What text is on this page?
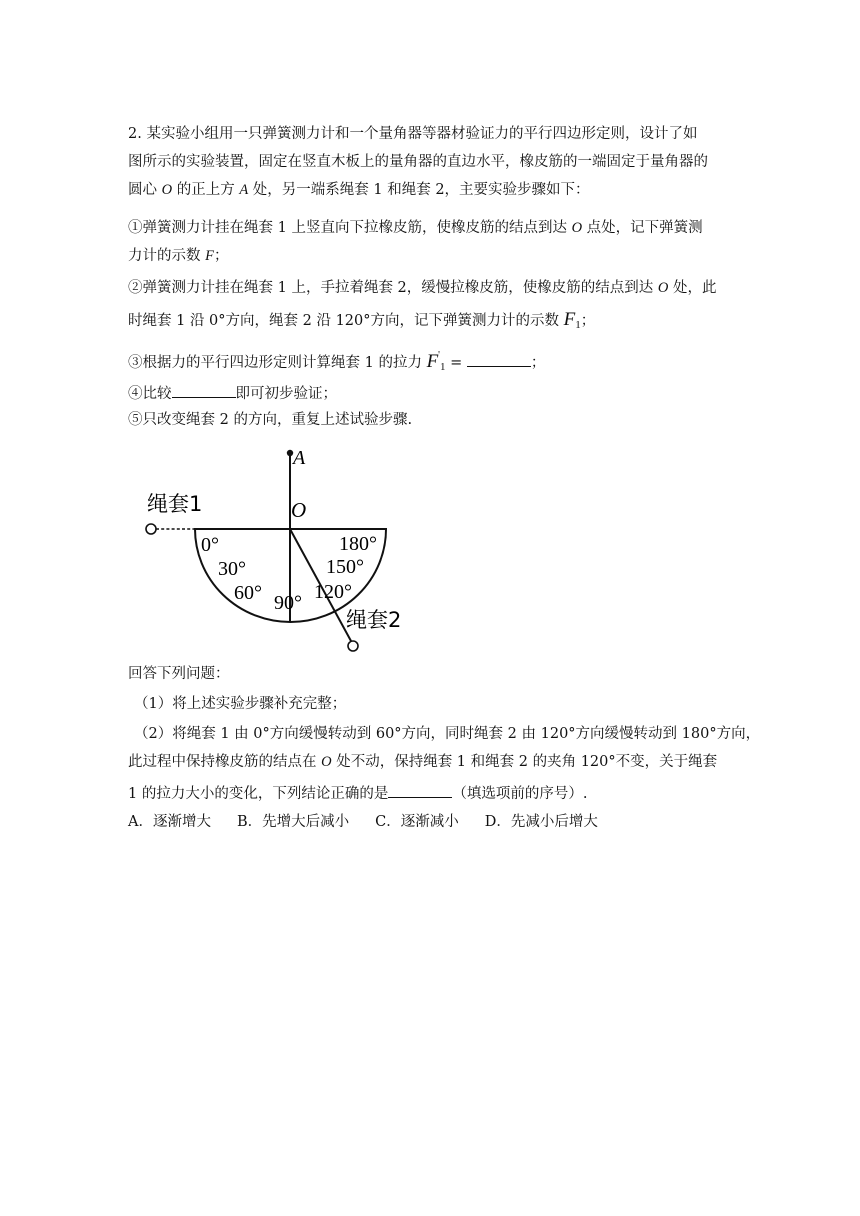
2. 某实验小组用一只弹簧测力计和一个量角器等器材验证力的平行四边形定则，设计了如
图所示的实验装置，固定在竖直木板上的量角器的直边水平，橡皮筋的一端固定于量角器的
圆心 O 的正上方 A 处，另一端系绳套 1 和绳套 2，主要实验步骤如下：
①弹簧测力计挂在绳套 1 上竖直向下拉橡皮筋，使橡皮筋的结点到达 O 点处，记下弹簧测
力计的示数 F；
②弹簧测力计挂在绳套 1 上，手拉着绳套 2，缓慢拉橡皮筋，使橡皮筋的结点到达 O 处，此
时绳套 1 沿 0°方向，绳套 2 沿 120°方向，记下弹簧测力计的示数 $F_1$；
③根据力的平行四边形定则计算绳套 1 的拉力 $F'_1$ =	；
④比较	即可初步验证；
⑤只改变绳套 2 的方向，重复上述试验步骤.
A
O
绳套1
绳套2
0°
30°
60° 90° 120°
150°
180°
回答下列问题：
（1）将上述实验步骤补充完整；
（2）将绳套 1 由 0°方向缓慢转动到 60°方向，同时绳套 2 由 120°方向缓慢转动到 180°方向，
此过程中保持橡皮筋的结点在 O 处不动，保持绳套 1 和绳套 2 的夹角 120°不变，关于绳套
1 的拉力大小的变化，下列结论正确的是	（填选项前的序号）.
A．逐渐增大 B．先增大后减小 C．逐渐减小 D．先减小后增大
